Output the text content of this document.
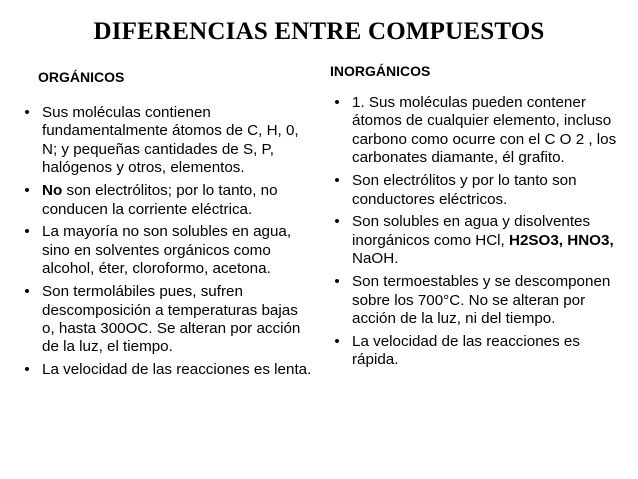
DIFERENCIAS ENTRE COMPUESTOS
ORGÁNICOS	INORGÁNICOS
• Sus moléculas contienen fundamentalmente átomos de C, H, 0, N; y pequeñas cantidades de S, P, halógenos y otros, elementos.
• No son electrólitos; por lo tanto, no conducen la corriente eléctrica.
• La mayoría no son solubles en agua, sino en solventes orgánicos como alcohol, éter, cloroformo, acetona.
• Son termolábiles pues, sufren descomposición a temperaturas bajas o, hasta 300OC. Se alteran por acción de la luz, el tiempo.
• La velocidad de las reacciones es lenta.
• 1. Sus moléculas pueden contener átomos de cualquier elemento, incluso carbono como ocurre con el C O 2 , los carbonates diamante, él grafito.
• Son electrólitos y por lo tanto son conductores eléctricos.
• Son solubles en agua y disolventes inorgánicos como HCl, H2SO3, HNO3, NaOH.
• Son termoestables y se descomponen sobre los 700°C. No se alteran por acción de la luz, ni del tiempo.
• La velocidad de las reacciones es rápida.
